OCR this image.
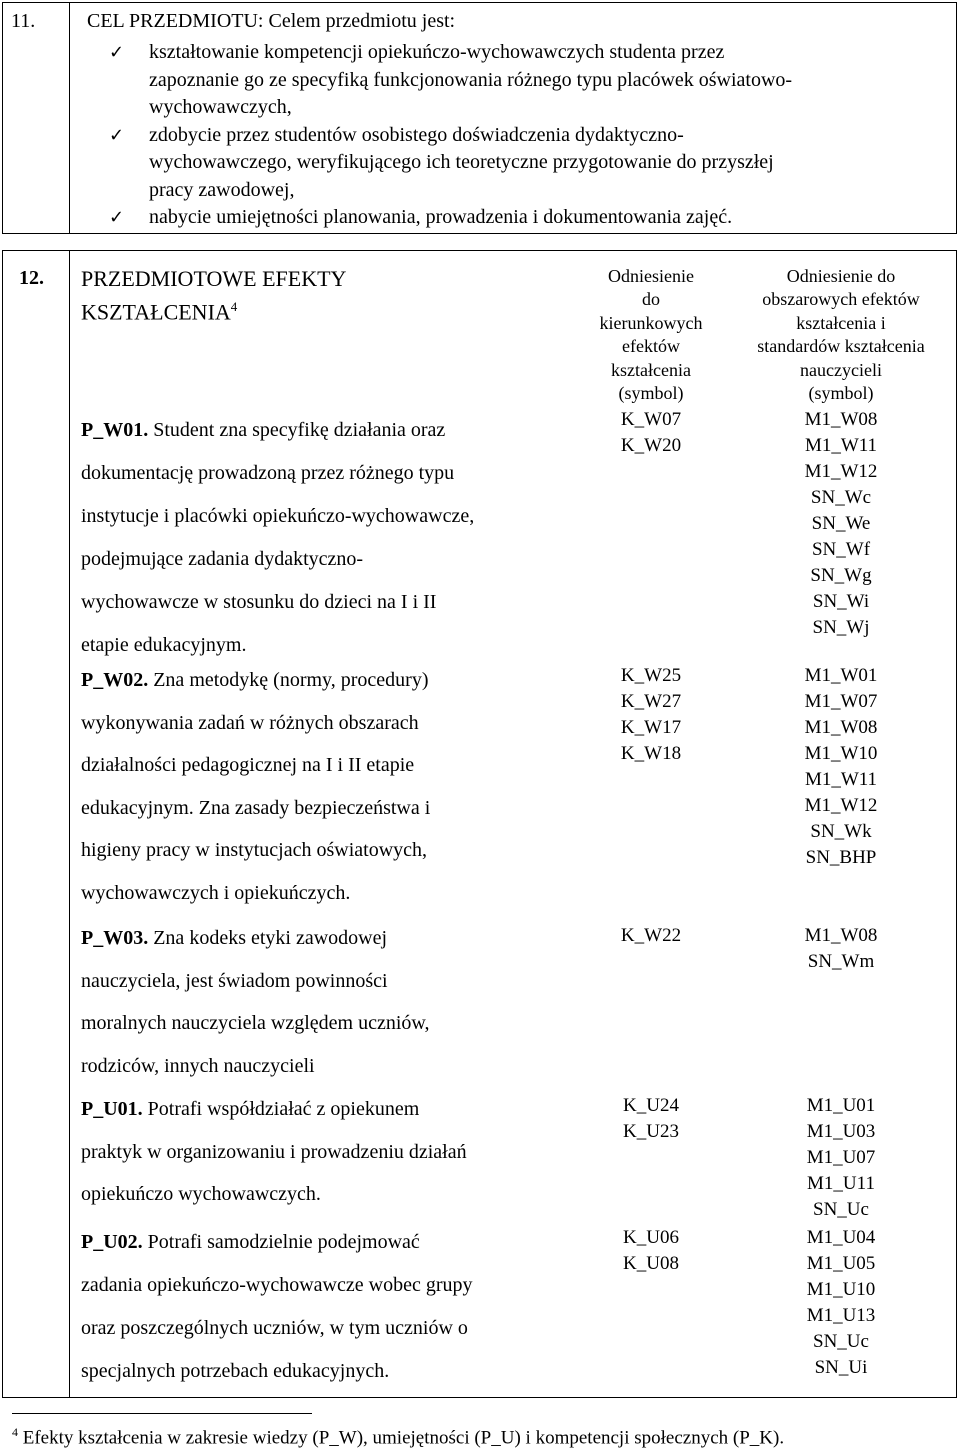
11.	CEL PRZEDMIOTU: Celem przedmiotu jest:
✓ kształtowanie kompetencji opiekuńczo-wychowawczych studenta przez
zapoznanie go ze specyfiką funkcjonowania różnego typu placówek oświatowo-
wychowawczych,
✓ zdobycie przez studentów osobistego doświadczenia dydaktyczno-
wychowawczego, weryfikującego ich teoretyczne przygotowanie do przyszłej
pracy zawodowej,
✓ nabycie umiejętności planowania, prowadzenia i dokumentowania zajęć.
12. PRZEDMIOTOWE EFEKTY
KSZTAŁCENIA$^4$
Odniesienie
do
kierunkowych
efektów
kształcenia
(symbol)
Odniesienie do
obszarowych efektów
kształcenia i
standardów kształcenia
nauczycieli
(symbol)
P_W01. Student zna specyfikę działania oraz
dokumentację prowadzoną przez różnego typu
instytucje i placówki opiekuńczo-wychowawcze,
podejmujące zadania dydaktyczno-
wychowawcze w stosunku do dzieci na I i II
etapie edukacyjnym.
K_W07
K_W20
M1_W08
M1_W11
M1_W12
SN_Wc
SN_We
SN_Wf
SN_Wg
SN_Wi
SN_Wj
P_W02. Zna metodykę (normy, procedury)
wykonywania zadań w różnych obszarach
działalności pedagogicznej na I i II etapie
edukacyjnym. Zna zasady bezpieczeństwa i
higieny pracy w instytucjach oświatowych,
wychowawczych i opiekuńczych.
K_W25
K_W27
K_W17
K_W18
M1_W01
M1_W07
M1_W08
M1_W10
M1_W11
M1_W12
SN_Wk
SN_BHP
P_W03. Zna kodeks etyki zawodowej
nauczyciela, jest świadom powinności
moralnych nauczyciela względem uczniów,
rodziców, innych nauczycieli
K_W22	M1_W08
SN_Wm
P_U01. Potrafi współdziałać z opiekunem
praktyk w organizowaniu i prowadzeniu działań
opiekuńczo wychowawczych.
K_U24
K_U23
M1_U01
M1_U03
M1_U07
M1_U11
SN_Uc
P_U02. Potrafi samodzielnie podejmować
zadania opiekuńczo-wychowawcze wobec grupy
oraz poszczególnych uczniów, w tym uczniów o
specjalnych potrzebach edukacyjnych.
K_U06
K_U08
M1_U04
M1_U05
M1_U10
M1_U13
SN_Uc
SN_Ui
$^4$ Efekty kształcenia w zakresie wiedzy (P_W), umiejętności (P_U) i kompetencji społecznych (P_K).
